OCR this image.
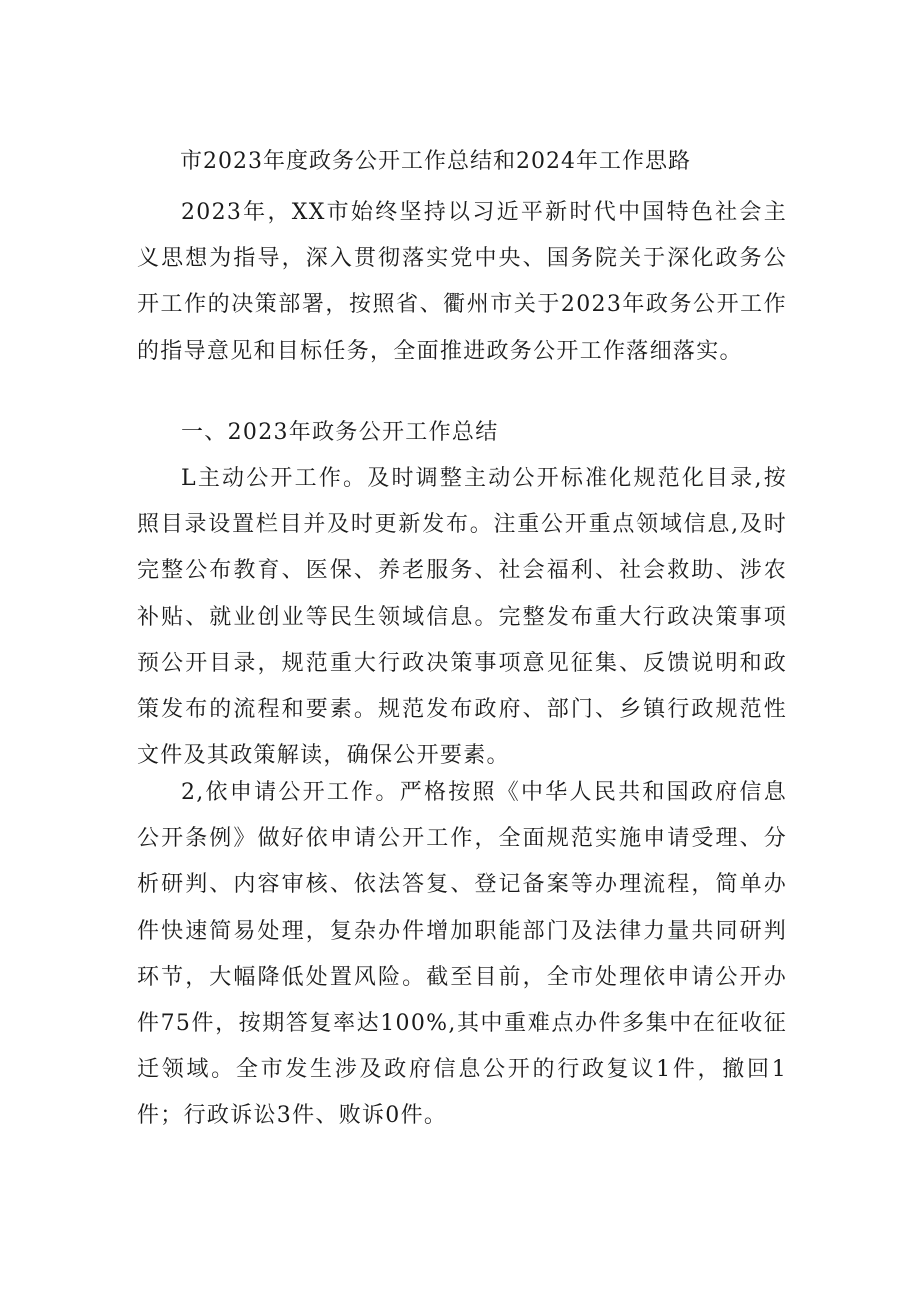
市2023年度政务公开工作总结和2024年工作思路

2023年，XX市始终坚持以习近平新时代中国特色社会主义思想为指导，深入贯彻落实党中央、国务院关于深化政务公开工作的决策部署，按照省、衢州市关于2023年政务公开工作的指导意见和目标任务，全面推进政务公开工作落细落实。

一、2023年政务公开工作总结

L主动公开工作。及时调整主动公开标准化规范化目录,按照目录设置栏目并及时更新发布。注重公开重点领域信息,及时完整公布教育、医保、养老服务、社会福利、社会救助、涉农补贴、就业创业等民生领域信息。完整发布重大行政决策事项预公开目录，规范重大行政决策事项意见征集、反馈说明和政策发布的流程和要素。规范发布政府、部门、乡镇行政规范性文件及其政策解读，确保公开要素。

2,依申请公开工作。严格按照《中华人民共和国政府信息公开条例》做好依申请公开工作，全面规范实施申请受理、分析研判、内容审核、依法答复、登记备案等办理流程，简单办件快速简易处理，复杂办件增加职能部门及法律力量共同研判环节，大幅降低处置风险。截至目前，全市处理依申请公开办件75件，按期答复率达100%,其中重难点办件多集中在征收征迁领域。全市发生涉及政府信息公开的行政复议1件，撤回1件；行政诉讼3件、败诉0件。
